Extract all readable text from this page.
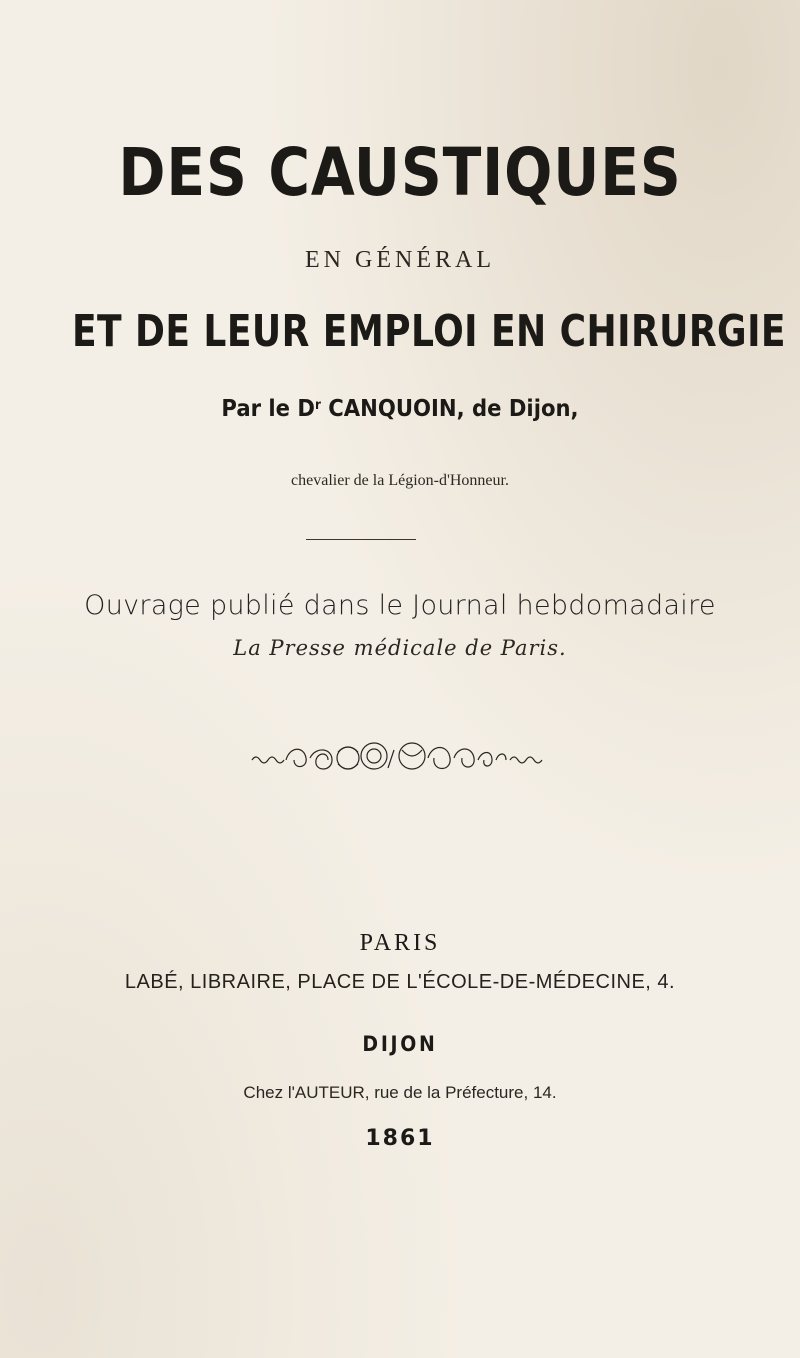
DES CAUSTIQUES
EN GÉNÉRAL
ET DE LEUR EMPLOI EN CHIRURGIE
Par le $D^r$ CANQUOIN, de Dijon,
chevalier de la Légion-d'Honneur.
Ouvrage publié dans le Journal hebdomadaire
La Presse médicale de Paris.
PARIS
LABÉ, LIBRAIRE, PLACE DE L'ÉCOLE-DE-MÉDECINE, 4.
DIJON
Chez l'AUTEUR, rue de la Préfecture, 14.
1861
